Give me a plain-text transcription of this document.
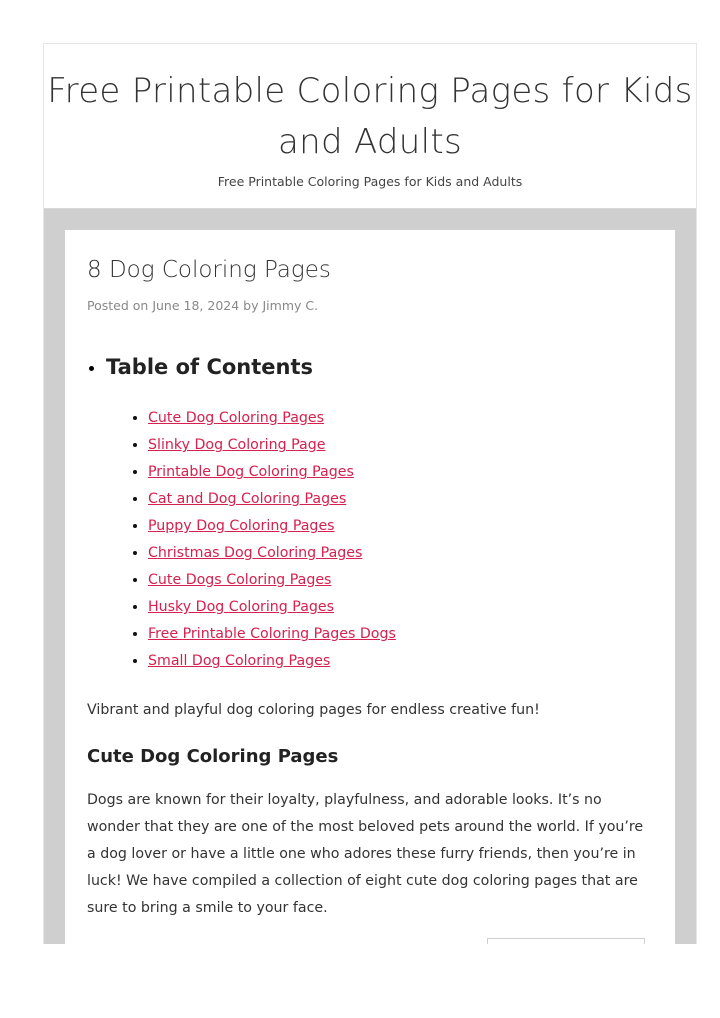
Free Printable Coloring Pages for Kids and Adults

Free Printable Coloring Pages for Kids and Adults

8 Dog Coloring Pages

Posted on June 18, 2024 by Jimmy C.

• Table of Contents
• Cute Dog Coloring Pages
• Slinky Dog Coloring Page
• Printable Dog Coloring Pages
• Cat and Dog Coloring Pages
• Puppy Dog Coloring Pages
• Christmas Dog Coloring Pages
• Cute Dogs Coloring Pages
• Husky Dog Coloring Pages
• Free Printable Coloring Pages Dogs
• Small Dog Coloring Pages

Vibrant and playful dog coloring pages for endless creative fun!

Cute Dog Coloring Pages

Dogs are known for their loyalty, playfulness, and adorable looks. It’s no wonder that they are one of the most beloved pets around the world. If you’re a dog lover or have a little one who adores these furry friends, then you’re in luck! We have compiled a collection of eight cute dog coloring pages that are sure to bring a smile to your face.
